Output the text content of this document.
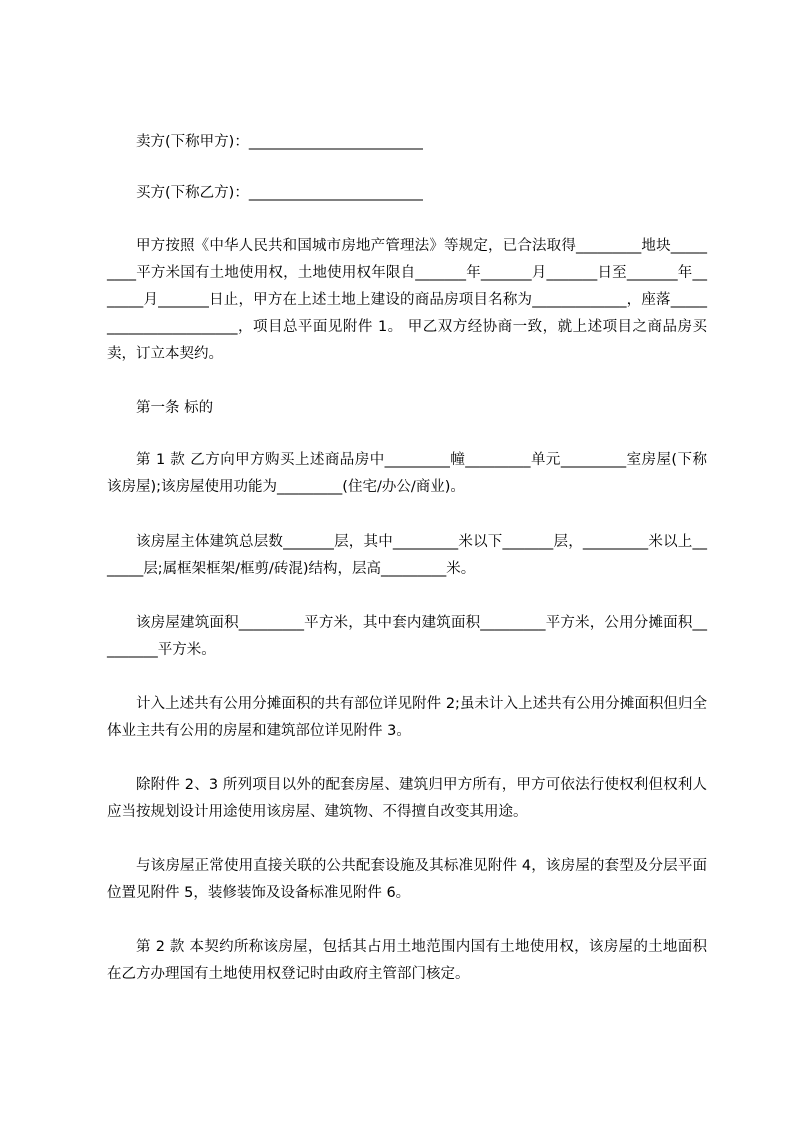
卖方(下称甲方)：________________________

买方(下称乙方)：________________________

甲方按照《中华人民共和国城市房地产管理法》等规定，已合法取得_________地块_________平方米国有土地使用权，土地使用权年限自_______年_______月_______日至_______年_______月_______日止，甲方在上述土地上建设的商品房项目名称为_____________，座落_______________________，项目总平面见附件 1。 甲乙双方经协商一致，就上述项目之商品房买卖，订立本契约。

第一条 标的

第 1 款 乙方向甲方购买上述商品房中_________幢_________单元_________室房屋(下称该房屋);该房屋使用功能为_________(住宅/办公/商业)。

该房屋主体建筑总层数_______层，其中_________米以下_______层，_________米以上_______层;属框架框架/框剪/砖混)结构，层高_________米。

该房屋建筑面积_________平方米，其中套内建筑面积_________平方米，公用分摊面积_________平方米。

计入上述共有公用分摊面积的共有部位详见附件 2;虽未计入上述共有公用分摊面积但归全体业主共有公用的房屋和建筑部位详见附件 3。

除附件 2、3 所列项目以外的配套房屋、建筑归甲方所有，甲方可依法行使权利但权利人应当按规划设计用途使用该房屋、建筑物、不得擅自改变其用途。

与该房屋正常使用直接关联的公共配套设施及其标准见附件 4，该房屋的套型及分层平面位置见附件 5，装修装饰及设备标准见附件 6。

第 2 款 本契约所称该房屋，包括其占用土地范围内国有土地使用权，该房屋的土地面积在乙方办理国有土地使用权登记时由政府主管部门核定。
